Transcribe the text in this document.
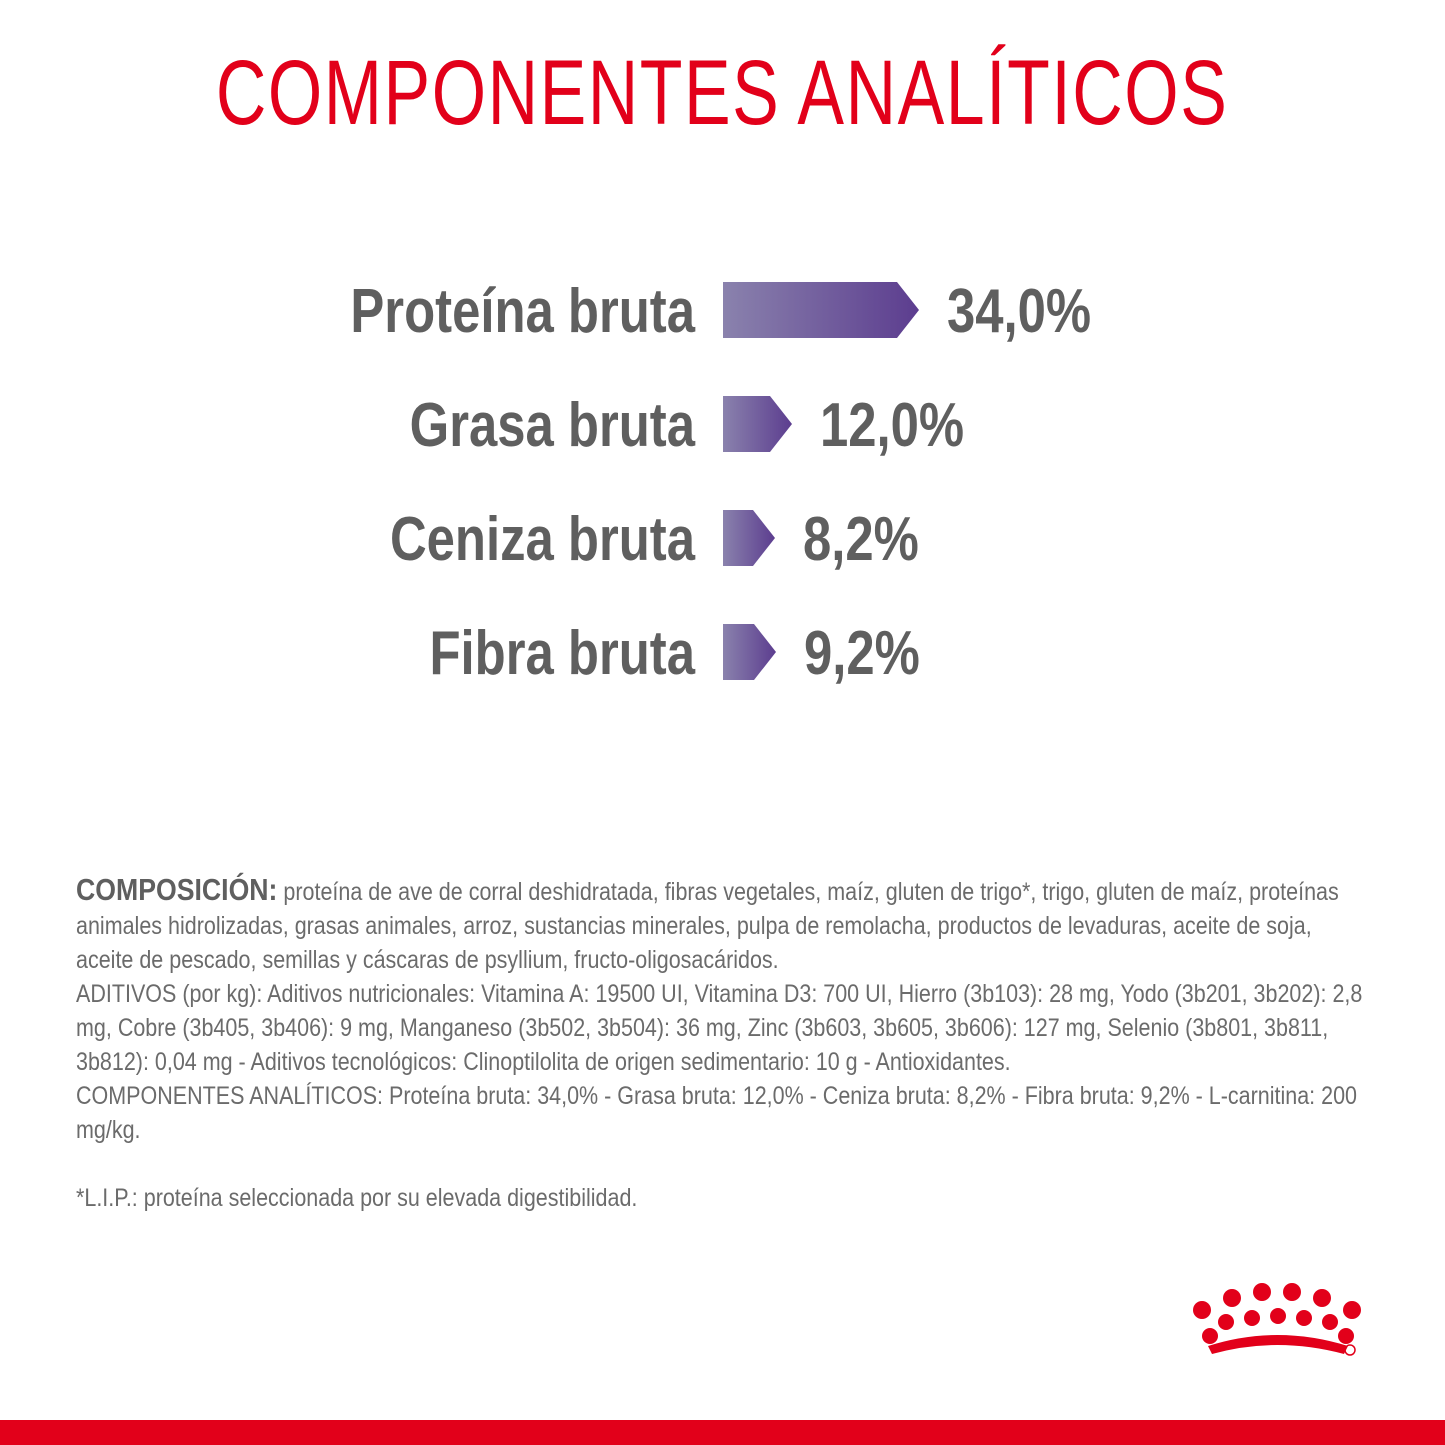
COMPONENTES ANALÍTICOS
Proteína bruta	34,0%
Grasa bruta 12,0%
Ceniza bruta 8,2%
Fibra bruta 9,2%

COMPOSICIÓN: proteína de ave de corral deshidratada, fibras vegetales, maíz, gluten de trigo*, trigo, gluten de maíz, proteínas animales hidrolizadas, grasas animales, arroz, sustancias minerales, pulpa de remolacha, productos de levaduras, aceite de soja, aceite de pescado, semillas y cáscaras de psyllium, fructo-oligosacáridos.

ADITIVOS (por kg): Aditivos nutricionales: Vitamina A: 19500 UI, Vitamina D3: 700 UI, Hierro (3b103): 28 mg, Yodo (3b201, 3b202): 2,8 mg, Cobre (3b405, 3b406): 9 mg, Manganeso (3b502, 3b504): 36 mg, Zinc (3b603, 3b605, 3b606): 127 mg, Selenio (3b801, 3b811, 3b812): 0,04 mg - Aditivos tecnológicos: Clinoptilolita de origen sedimentario: 10 g - Antioxidantes.

COMPONENTES ANALÍTICOS: Proteína bruta: 34,0% - Grasa bruta: 12,0% - Ceniza bruta: 8,2% - Fibra bruta: 9,2% - L-carnitina: 200 mg/kg.

*L.I.P.: proteína seleccionada por su elevada digestibilidad.
